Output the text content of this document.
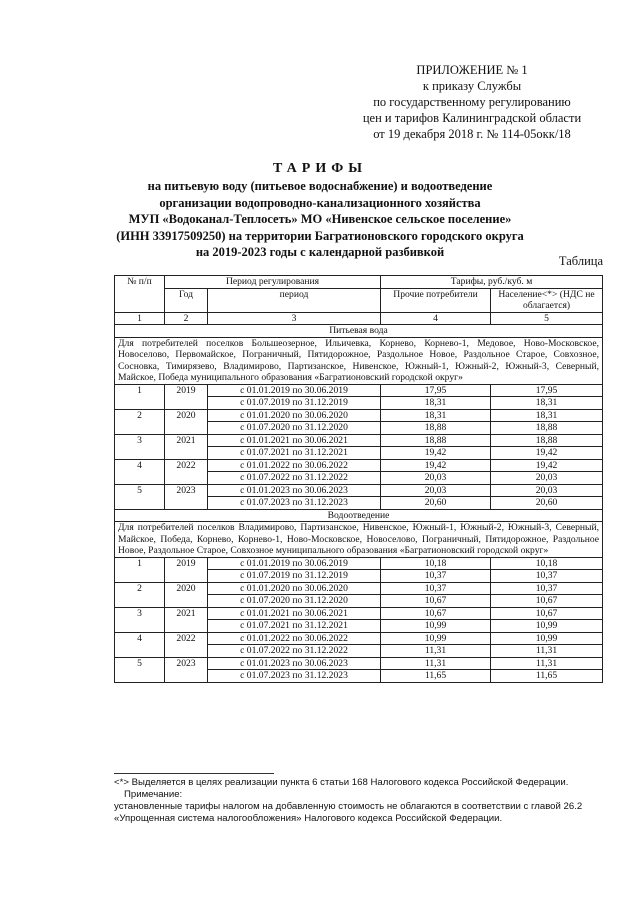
ПРИЛОЖЕНИЕ № 1
к приказу Службы
по государственному регулированию
цен и тарифов Калининградской области
от 19 декабря 2018 г. № 114-05окк/18
ТАРИФЫ
на питьевую воду (питьевое водоснабжение) и водоотведение
организации водопроводно-канализационного хозяйства
МУП «Водоканал-Теплосеть» МО «Нивенское сельское поселение»
(ИНН 33917509250) на территории Багратионовского городского округа
на 2019-2023 годы с календарной разбивкой
Таблица
№ п/п	Период регулирования		Тарифы, руб./куб. м	
	Год	период	Прочие потребители	Население<*> (НДС не облагается)
1	2	3	4	5
Питьевая вода				
Для потребителей поселков Большеозерное, Ильичевка, Корнево, Корнево-1, Медовое, Ново-Московское, Новоселово, Первомайское, Пограничный, Пятидорожное, Раздольное Новое, Раздольное Старое, Совхозное, Сосновка, Тимирязево, Владимирово, Партизанское, Нивенское, Южный-1, Южный-2, Южный-3, Северный, Майское, Победа муниципального образования «Багратионовский городской округ»				
1	2019	с 01.01.2019 по 30.06.2019	17,95	17,95
		с 01.07.2019 по 31.12.2019	18,31	18,31
2	2020	с 01.01.2020 по 30.06.2020	18,31	18,31
		с 01.07.2020 по 31.12.2020	18,88	18,88
3	2021	с 01.01.2021 по 30.06.2021	18,88	18,88
		с 01.07.2021 по 31.12.2021	19,42	19,42
4	2022	с 01.01.2022 по 30.06.2022	19,42	19,42
		с 01.07.2022 по 31.12.2022	20,03	20,03
5	2023	с 01.01.2023 по 30.06.2023	20,03	20,03
		с 01.07.2023 по 31.12.2023	20,60	20,60
Водоотведение				
Для потребителей поселков Владимирово, Партизанское, Нивенское, Южный-1, Южный-2, Южный-3, Северный, Майское, Победа, Корнево, Корнево-1, Ново-Московское, Новоселово, Пограничный, Пятидорожное, Раздольное Новое, Раздольное Старое, Совхозное муниципального образования «Багратионовский городской округ»				
1	2019	с 01.01.2019 по 30.06.2019	10,18	10,18
		с 01.07.2019 по 31.12.2019	10,37	10,37
2	2020	с 01.01.2020 по 30.06.2020	10,37	10,37
		с 01.07.2020 по 31.12.2020	10,67	10,67
3	2021	с 01.01.2021 по 30.06.2021	10,67	10,67
		с 01.07.2021 по 31.12.2021	10,99	10,99
4	2022	с 01.01.2022 по 30.06.2022	10,99	10,99
		с 01.07.2022 по 31.12.2022	11,31	11,31
5	2023	с 01.01.2023 по 30.06.2023	11,31	11,31
		с 01.07.2023 по 31.12.2023	11,65	11,65

<*> Выделяется в целях реализации пункта 6 статьи 168 Налогового кодекса Российской Федерации.

Примечание:

установленные тарифы налогом на добавленную стоимость не облагаются в соответствии с главой 26.2 «Упрощенная система налогообложения» Налогового кодекса Российской Федерации.
